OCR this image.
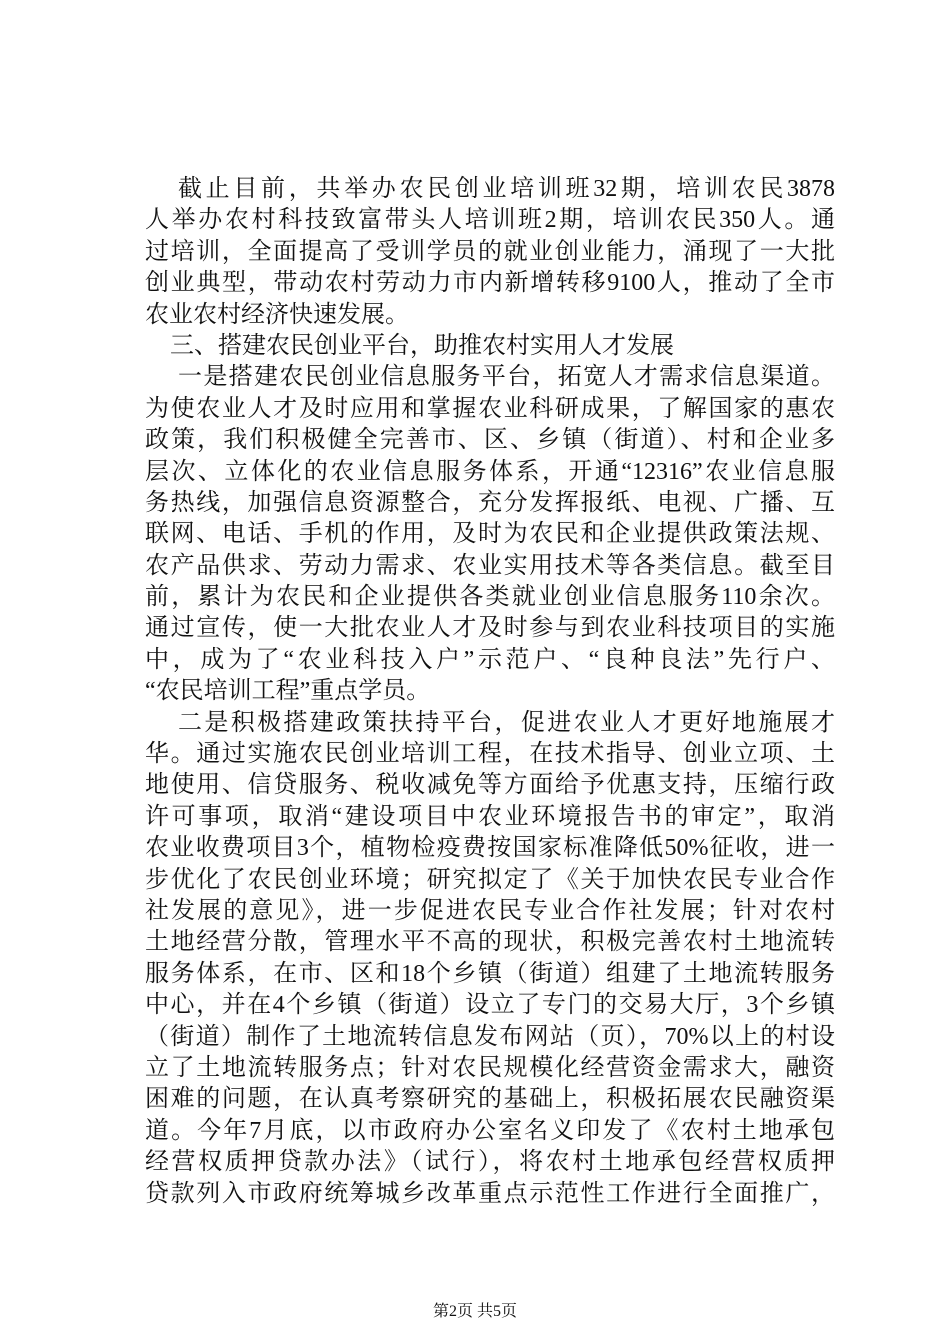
截止目前，共举办农民创业培训班32期，培训农民3878
人举办农村科技致富带头人培训班2期，培训农民350人。通
过培训，全面提高了受训学员的就业创业能力，涌现了一大批
创业典型，带动农村劳动力市内新增转移9100人，推动了全市
农业农村经济快速发展。
三、搭建农民创业平台，助推农村实用人才发展
一是搭建农民创业信息服务平台，拓宽人才需求信息渠道。
为使农业人才及时应用和掌握农业科研成果，了解国家的惠农
政策，我们积极健全完善市、区、乡镇（街道）、村和企业多
层次、立体化的农业信息服务体系，开通“12316”农业信息服
务热线，加强信息资源整合，充分发挥报纸、电视、广播、互
联网、电话、手机的作用，及时为农民和企业提供政策法规、
农产品供求、劳动力需求、农业实用技术等各类信息。截至目
前，累计为农民和企业提供各类就业创业信息服务110余次。
通过宣传，使一大批农业人才及时参与到农业科技项目的实施
中，成为了“农业科技入户”示范户、“良种良法”先行户、
“农民培训工程”重点学员。
二是积极搭建政策扶持平台，促进农业人才更好地施展才
华。通过实施农民创业培训工程，在技术指导、创业立项、土
地使用、信贷服务、税收减免等方面给予优惠支持，压缩行政
许可事项，取消“建设项目中农业环境报告书的审定”，取消
农业收费项目3个，植物检疫费按国家标准降低50%征收，进一
步优化了农民创业环境；研究拟定了《关于加快农民专业合作
社发展的意见》，进一步促进农民专业合作社发展；针对农村
土地经营分散，管理水平不高的现状，积极完善农村土地流转
服务体系，在市、区和18个乡镇（街道）组建了土地流转服务
中心，并在4个乡镇（街道）设立了专门的交易大厅，3个乡镇
（街道）制作了土地流转信息发布网站（页），70%以上的村设
立了土地流转服务点；针对农民规模化经营资金需求大，融资
困难的问题，在认真考察研究的基础上，积极拓展农民融资渠
道。今年7月底，以市政府办公室名义印发了《农村土地承包
经营权质押贷款办法》（试行），将农村土地承包经营权质押
贷款列入市政府统筹城乡改革重点示范性工作进行全面推广，
第2页 共5页
